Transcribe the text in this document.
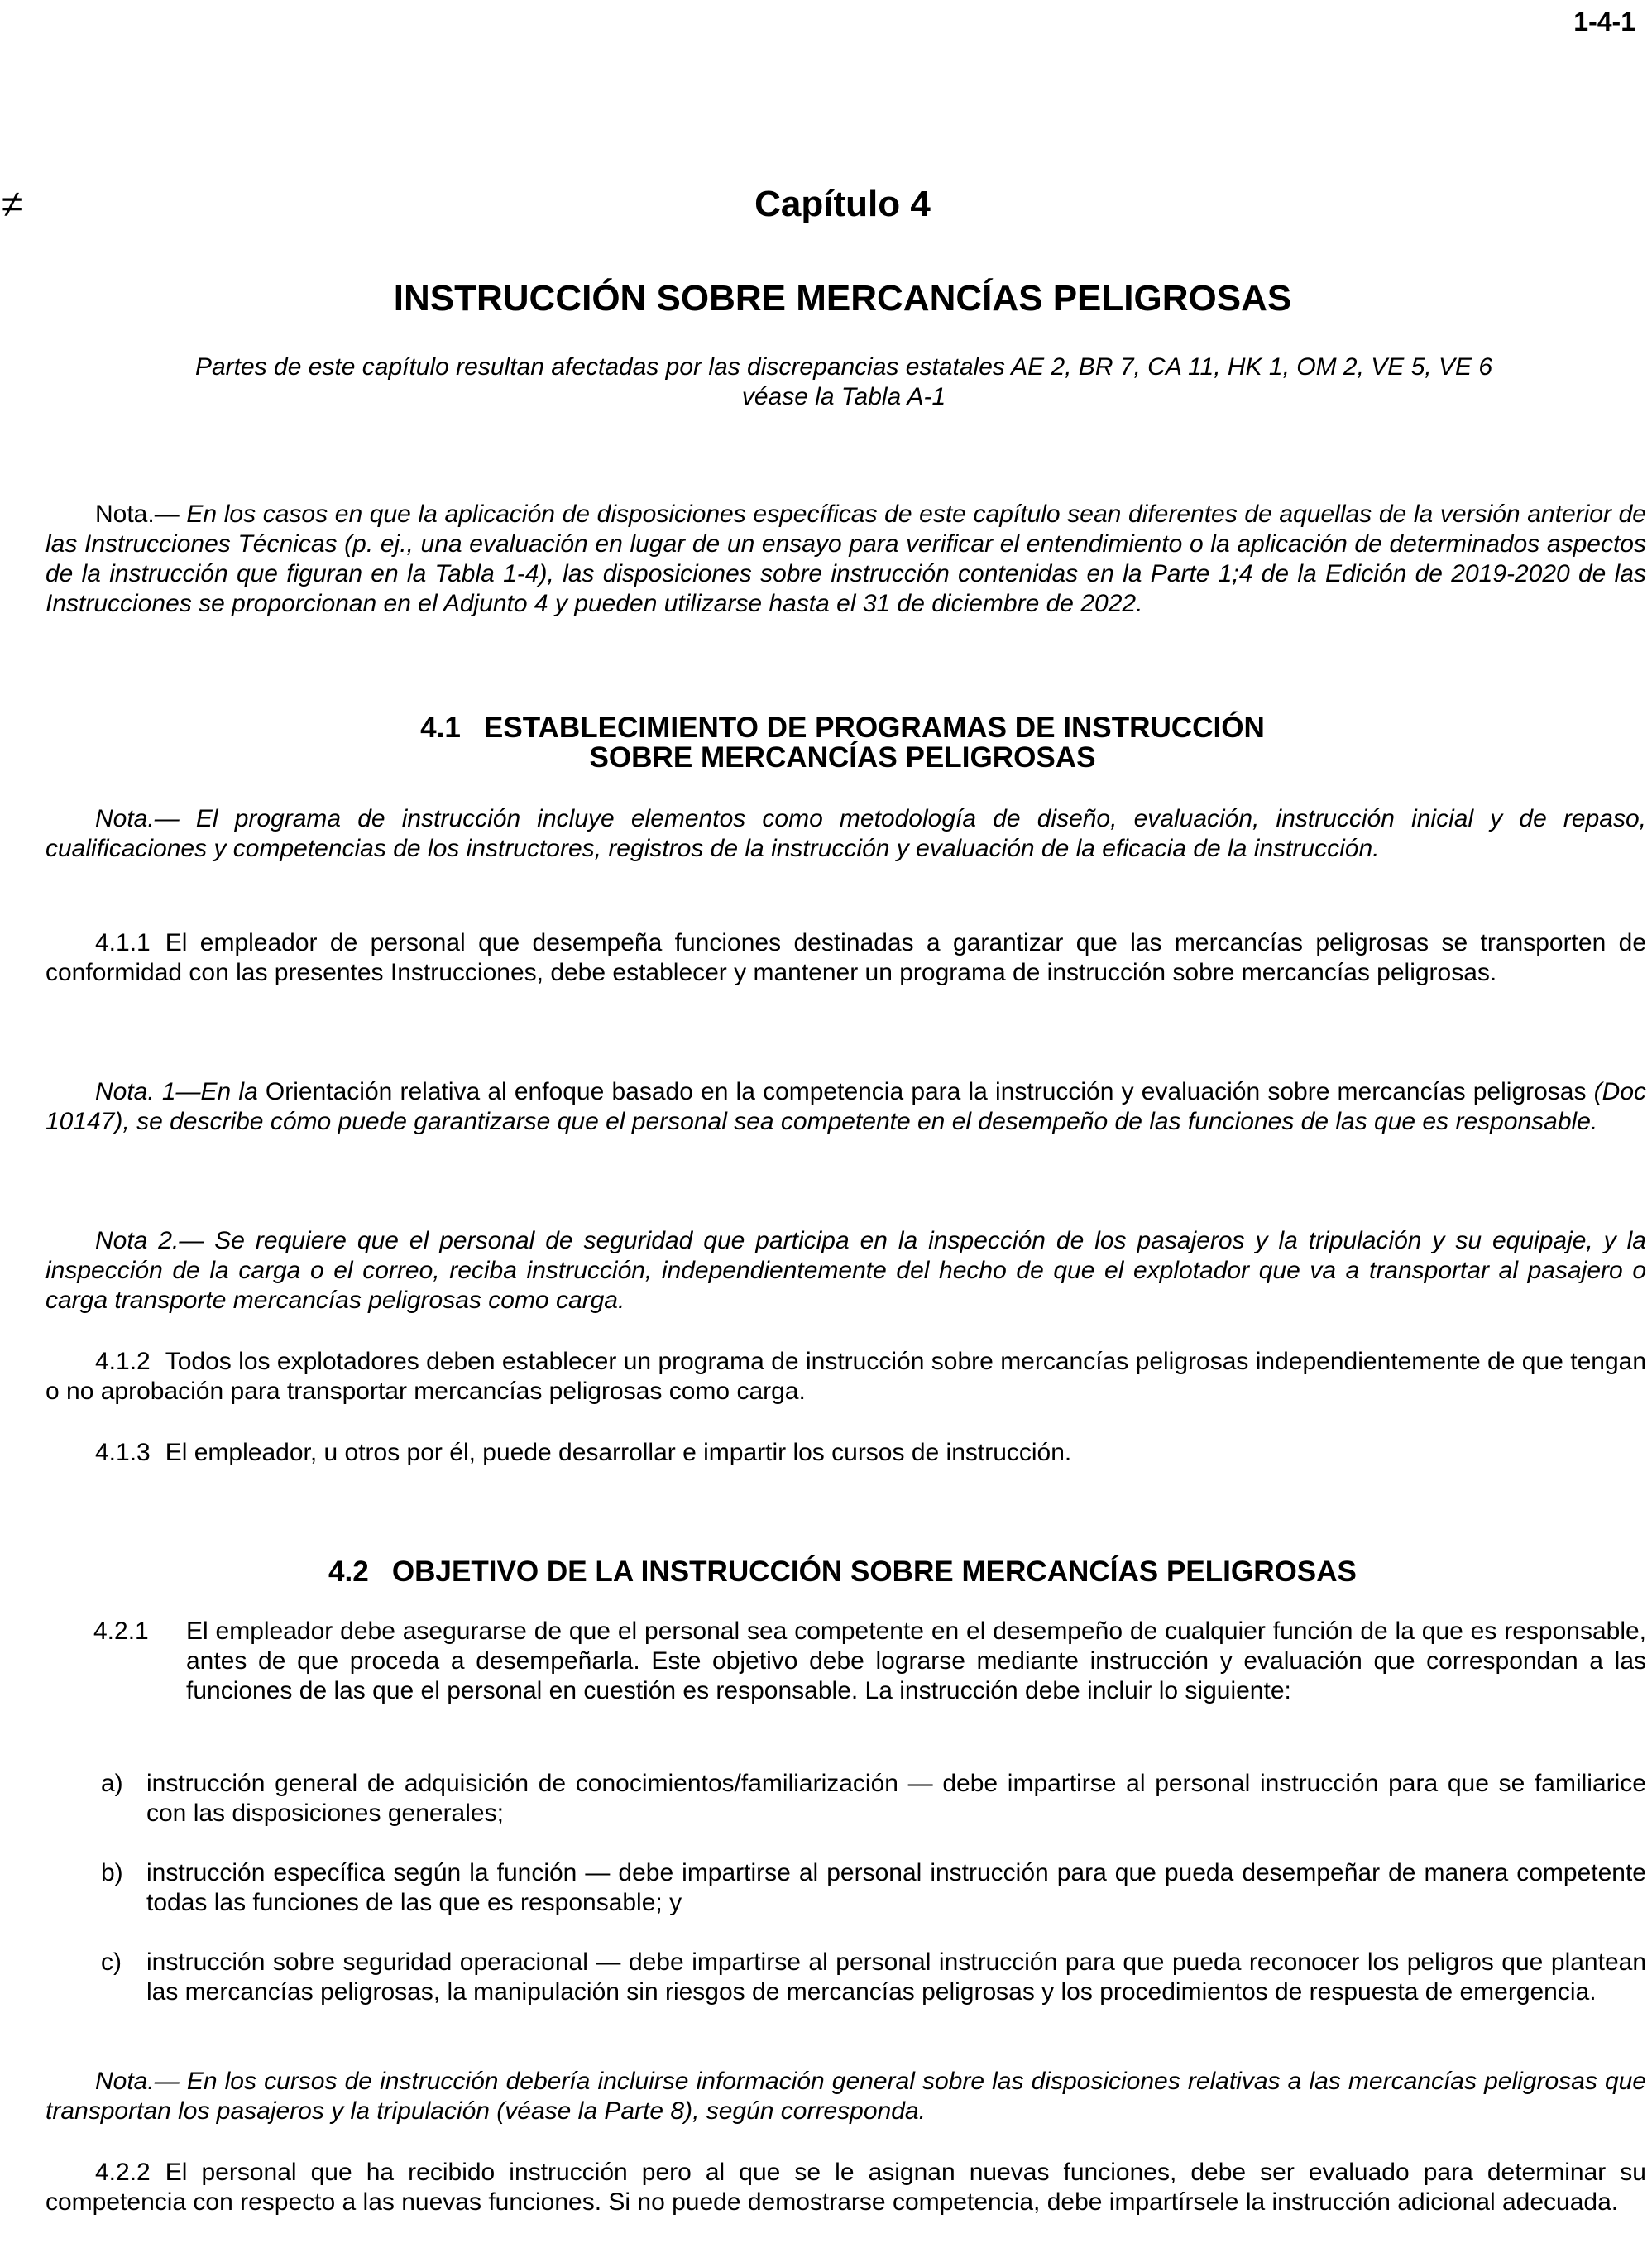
1-4-1
≠	Capítulo 4
INSTRUCCIÓN SOBRE MERCANCÍAS PELIGROSAS

Partes de este capítulo resultan afectadas por las discrepancias estatales AE 2, BR 7, CA 11, HK 1, OM 2, VE 5, VE 6
véase la Tabla A-1

Nota.— En los casos en que la aplicación de disposiciones específicas de este capítulo sean diferentes de aquellas de la versión anterior de las Instrucciones Técnicas (p. ej., una evaluación en lugar de un ensayo para verificar el entendimiento o la aplicación de determinados aspectos de la instrucción que figuran en la Tabla 1-4), las disposiciones sobre instrucción contenidas en la Parte 1;4 de la Edición de 2019-2020 de las Instrucciones se proporcionan en el Adjunto 4 y pueden utilizarse hasta el 31 de diciembre de 2022.

4.1 ESTABLECIMIENTO DE PROGRAMAS DE INSTRUCCIÓN
SOBRE MERCANCÍAS PELIGROSAS

Nota.— El programa de instrucción incluye elementos como metodología de diseño, evaluación, instrucción inicial y de repaso, cualificaciones y competencias de los instructores, registros de la instrucción y evaluación de la eficacia de la instrucción.

4.1.1 El empleador de personal que desempeña funciones destinadas a garantizar que las mercancías peligrosas se transporten de conformidad con las presentes Instrucciones, debe establecer y mantener un programa de instrucción sobre mercancías peligrosas.

Nota. 1—En la Orientación relativa al enfoque basado en la competencia para la instrucción y evaluación sobre mercancías peligrosas (Doc 10147), se describe cómo puede garantizarse que el personal sea competente en el desempeño de las funciones de las que es responsable.

Nota 2.— Se requiere que el personal de seguridad que participa en la inspección de los pasajeros y la tripulación y su equipaje, y la inspección de la carga o el correo, reciba instrucción, independientemente del hecho de que el explotador que va a transportar al pasajero o carga transporte mercancías peligrosas como carga.

4.1.2 Todos los explotadores deben establecer un programa de instrucción sobre mercancías peligrosas independientemente de que tengan o no aprobación para transportar mercancías peligrosas como carga.

4.1.3 El empleador, u otros por él, puede desarrollar e impartir los cursos de instrucción.

4.2 OBJETIVO DE LA INSTRUCCIÓN SOBRE MERCANCÍAS PELIGROSAS

4.2.1 El empleador debe asegurarse de que el personal sea competente en el desempeño de cualquier función de la que es responsable, antes de que proceda a desempeñarla. Este objetivo debe lograrse mediante instrucción y evaluación que correspondan a las funciones de las que el personal en cuestión es responsable. La instrucción debe incluir lo siguiente:

a) instrucción general de adquisición de conocimientos/familiarización — debe impartirse al personal instrucción para que se familiarice con las disposiciones generales;

b) instrucción específica según la función — debe impartirse al personal instrucción para que pueda desempeñar de manera competente todas las funciones de las que es responsable; y

c) instrucción sobre seguridad operacional — debe impartirse al personal instrucción para que pueda reconocer los peligros que plantean las mercancías peligrosas, la manipulación sin riesgos de mercancías peligrosas y los procedimientos de respuesta de emergencia.

Nota.— En los cursos de instrucción debería incluirse información general sobre las disposiciones relativas a las mercancías peligrosas que transportan los pasajeros y la tripulación (véase la Parte 8), según corresponda.

4.2.2 El personal que ha recibido instrucción pero al que se le asignan nuevas funciones, debe ser evaluado para determinar su competencia con respecto a las nuevas funciones. Si no puede demostrarse competencia, debe impartírsele la instrucción adicional adecuada.
